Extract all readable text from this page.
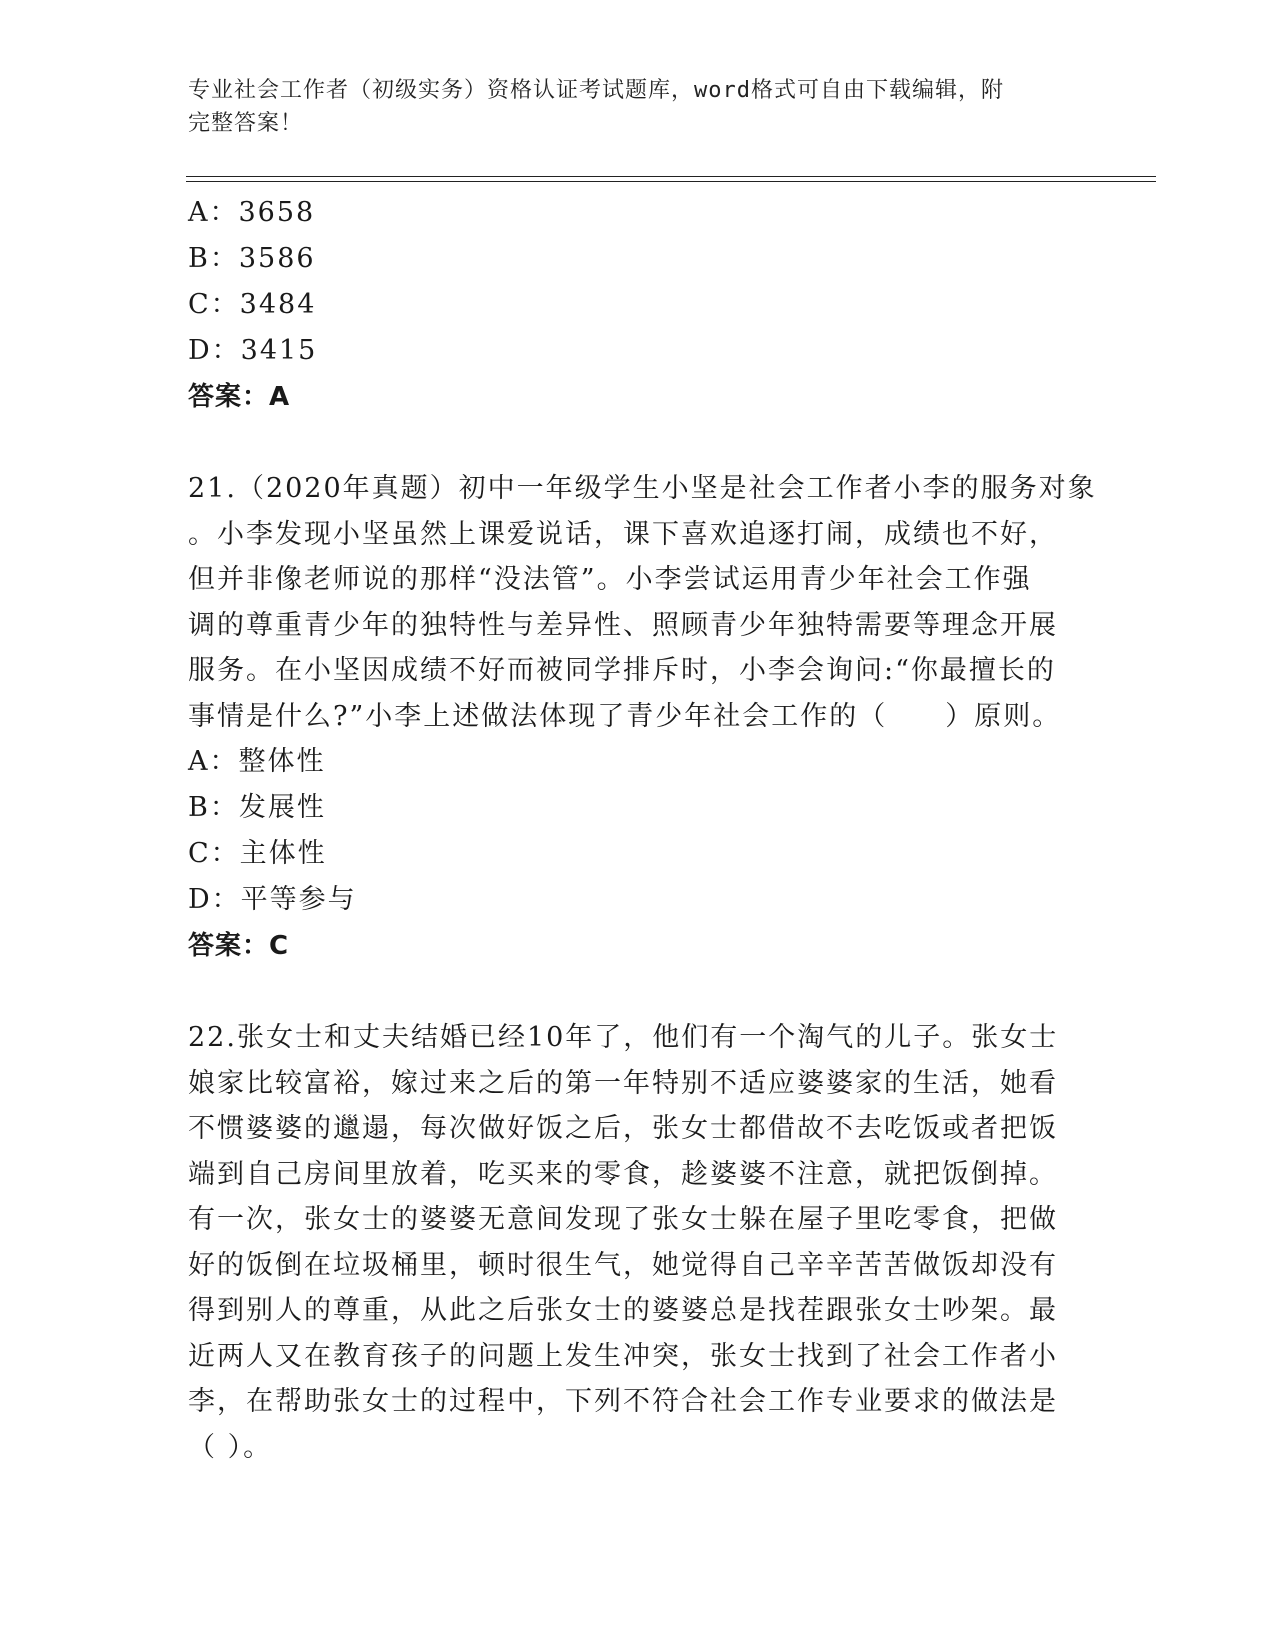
专业社会工作者（初级实务）资格认证考试题库，word格式可自由下载编辑，附
完整答案！
A：3658
B：3586
C：3484
D：3415
答案：A
21.（2020年真题）初中一年级学生小坚是社会工作者小李的服务对象
。小李发现小坚虽然上课爱说话，课下喜欢追逐打闹，成绩也不好，
但并非像老师说的那样“没法管”。小李尝试运用青少年社会工作强
调的尊重青少年的独特性与差异性、照顾青少年独特需要等理念开展
服务。在小坚因成绩不好而被同学排斥时，小李会询问:“你最擅长的
事情是什么?”小李上述做法体现了青少年社会工作的（　　）原则。
A：整体性
B：发展性
C：主体性
D：平等参与
答案：C
22.张女士和丈夫结婚已经10年了，他们有一个淘气的儿子。张女士
娘家比较富裕，嫁过来之后的第一年特别不适应婆婆家的生活，她看
不惯婆婆的邋遢，每次做好饭之后，张女士都借故不去吃饭或者把饭
端到自己房间里放着，吃买来的零食，趁婆婆不注意，就把饭倒掉。
有一次，张女士的婆婆无意间发现了张女士躲在屋子里吃零食，把做
好的饭倒在垃圾桶里，顿时很生气，她觉得自己辛辛苦苦做饭却没有
得到别人的尊重，从此之后张女士的婆婆总是找茬跟张女士吵架。最
近两人又在教育孩子的问题上发生冲突，张女士找到了社会工作者小
李，在帮助张女士的过程中，下列不符合社会工作专业要求的做法是
（ ）。
